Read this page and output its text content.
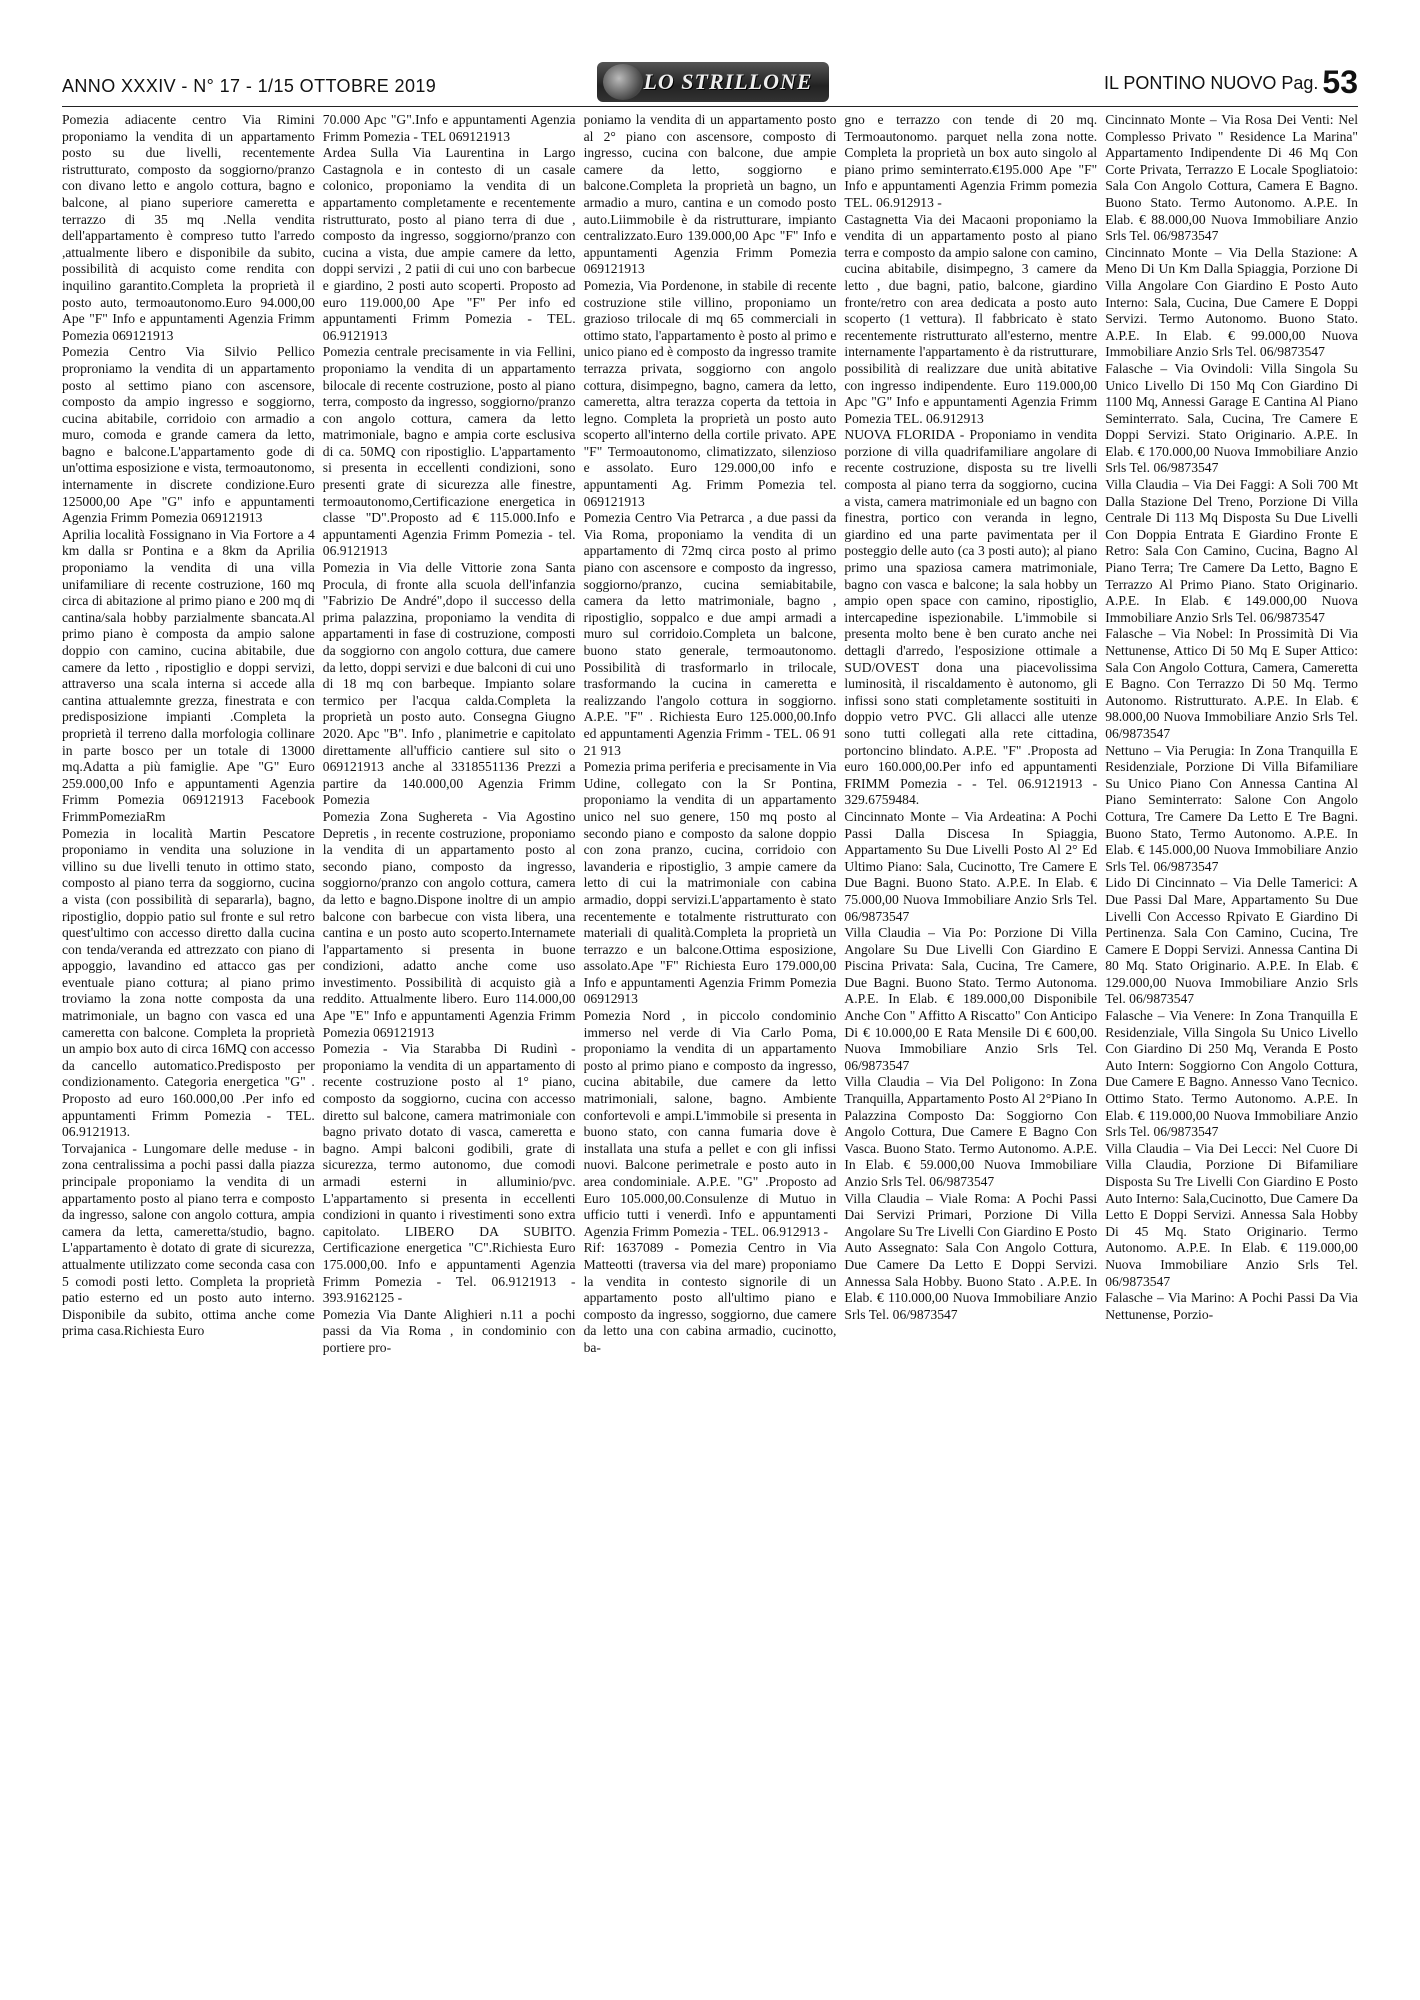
ANNO XXXIV - N° 17 - 1/15 OTTOBRE 2019	LO STRILLONE	IL PONTINO NUOVO Pag. 53

Pomezia adiacente centro Via Rimini proponiamo la vendita di un appartamento posto su due livelli, recentemente ristrutturato, composto da soggiorno/pranzo con divano letto e angolo cottura, bagno e balcone, al piano superiore cameretta e terrazzo di 35 mq .Nella vendita dell'appartamento è compreso tutto l'arredo ,attualmente libero e disponibile da subito, possibilità di acquisto come rendita con inquilino garantito.Completa la proprietà il posto auto, termoautonomo.Euro 94.000,00 Ape "F" Info e appuntamenti Agenzia Frimm Pomezia 069121913

Pomezia Centro Via Silvio Pellico proproniamo la vendita di un appartamento posto al settimo piano con ascensore, composto da ampio ingresso e soggiorno, cucina abitabile, corridoio con armadio a muro, comoda e grande camera da letto, bagno e balcone.L'appartamento gode di un'ottima esposizione e vista, termoautonomo, internamente in discrete condizione.Euro 125000,00 Ape "G" info e appuntamenti Agenzia Frimm Pomezia 069121913

Aprilia località Fossignano in Via Fortore a 4 km dalla sr Pontina e a 8km da Aprilia proponiamo la vendita di una villa unifamiliare di recente costruzione, 160 mq circa di abitazione al primo piano e 200 mq di cantina/sala hobby parzialmente sbancata.Al primo piano è composta da ampio salone doppio con camino, cucina abitabile, due camere da letto , ripostiglio e doppi servizi, attraverso una scala interna si accede alla cantina attualemnte grezza, finestrata e con predisposizione impianti .Completa la proprietà il terreno dalla morfologia collinare in parte bosco per un totale di 13000 mq.Adatta a più famiglie. Ape "G" Euro 259.000,00 Info e appuntamenti Agenzia Frimm Pomezia 069121913 Facebook FrimmPomeziaRm

Pomezia in località Martin Pescatore proponiamo in vendita una soluzione in villino su due livelli tenuto in ottimo stato, composto al piano terra da soggiorno, cucina a vista (con possibilità di separarla), bagno, ripostiglio, doppio patio sul fronte e sul retro quest'ultimo con accesso diretto dalla cucina con tenda/veranda ed attrezzato con piano di appoggio, lavandino ed attacco gas per eventuale piano cottura; al piano primo troviamo la zona notte composta da una matrimoniale, un bagno con vasca ed una cameretta con balcone. Completa la proprietà un ampio box auto di circa 16MQ con accesso da cancello automatico.Predisposto per condizionamento. Categoria energetica "G" . Proposto ad euro 160.000,00 .Per info ed appuntamenti Frimm Pomezia - TEL. 06.9121913.

Torvajanica - Lungomare delle meduse - in zona centralissima a pochi passi dalla piazza principale proponiamo la vendita di un appartamento posto al piano terra e composto da ingresso, salone con angolo cottura, ampia camera da letta, cameretta/studio, bagno. L'appartamento è dotato di grate di sicurezza, attualmente utilizzato come seconda casa con 5 comodi posti letto. Completa la proprietà patio esterno ed un posto auto interno. Disponibile da subito, ottima anche come prima casa.Richiesta Euro

70.000 Apc "G".Info e appuntamenti Agenzia Frimm Pomezia - TEL 069121913

Ardea Sulla Via Laurentina in Largo Castagnola e in contesto di un casale colonico, proponiamo la vendita di un appartamento completamente e recentemente ristrutturato, posto al piano terra di due , composto da ingresso, soggiorno/pranzo con cucina a vista, due ampie camere da letto, doppi servizi , 2 patii di cui uno con barbecue e giardino, 2 posti auto scoperti. Proposto ad euro 119.000,00 Ape "F" Per info ed appuntamenti Frimm Pomezia - TEL. 06.9121913

Pomezia centrale precisamente in via Fellini, proponiamo la vendita di un appartamento bilocale di recente costruzione, posto al piano terra, composto da ingresso, soggiorno/pranzo con angolo cottura, camera da letto matrimoniale, bagno e ampia corte esclusiva di ca. 50MQ con ripostiglio. L'appartamento si presenta in eccellenti condizioni, sono presenti grate di sicurezza alle finestre, termoautonomo,Certificazione energetica in classe "D".Proposto ad € 115.000.Info e appuntamenti Agenzia Frimm Pomezia - tel. 06.9121913

Pomezia in Via delle Vittorie zona Santa Procula, di fronte alla scuola dell'infanzia "Fabrizio De André",dopo il successo della prima palazzina, proponiamo la vendita di appartamenti in fase di costruzione, composti da soggiorno con angolo cottura, due camere da letto, doppi servizi e due balconi di cui uno di 18 mq con barbeque. Impianto solare termico per l'acqua calda.Completa la proprietà un posto auto. Consegna Giugno 2020. Apc "B". Info , planimetrie e capitolato direttamente all'ufficio cantiere sul sito o 069121913 anche al 3318551136 Prezzi a partire da 140.000,00 Agenzia Frimm Pomezia

Pomezia Zona Sughereta - Via Agostino Depretis , in recente costruzione, proponiamo la vendita di un appartamento posto al secondo piano, composto da ingresso, soggiorno/pranzo con angolo cottura, camera da letto e bagno.Dispone inoltre di un ampio balcone con barbecue con vista libera, una cantina e un posto auto scoperto.Internamete l'appartamento si presenta in buone condizioni, adatto anche come uso investimento. Possibilità di acquisto già a reddito. Attualmente libero. Euro 114.000,00 Ape "E" Info e appuntamenti Agenzia Frimm Pomezia 069121913

Pomezia - Via Starabba Di Rudinì - proponiamo la vendita di un appartamento di recente costruzione posto al 1° piano, composto da soggiorno, cucina con accesso diretto sul balcone, camera matrimoniale con bagno privato dotato di vasca, cameretta e bagno. Ampi balconi godibili, grate di sicurezza, termo autonomo, due comodi armadi esterni in alluminio/pvc. L'appartamento si presenta in eccellenti condizioni in quanto i rivestimenti sono extra capitolato. LIBERO DA SUBITO. Certificazione energetica "C".Richiesta Euro 175.000,00. Info e appuntamenti Agenzia Frimm Pomezia - Tel. 06.9121913 - 393.9162125 -

Pomezia Via Dante Alighieri n.11 a pochi passi da Via Roma , in condominio con portiere pro-

poniamo la vendita di un appartamento posto al 2° piano con ascensore, composto di ingresso, cucina con balcone, due ampie camere da letto, soggiorno e balcone.Completa la proprietà un bagno, un armadio a muro, cantina e un comodo posto auto.Liimmobile è da ristrutturare, impianto centralizzato.Euro 139.000,00 Apc "F" Info e appuntamenti Agenzia Frimm Pomezia 069121913

Pomezia, Via Pordenone, in stabile di recente costruzione stile villino, proponiamo un grazioso trilocale di mq 65 commerciali in ottimo stato, l'appartamento è posto al primo e unico piano ed è composto da ingresso tramite terrazza privata, soggiorno con angolo cottura, disimpegno, bagno, camera da letto, cameretta, altra terazza coperta da tettoia in legno. Completa la proprietà un posto auto scoperto all'interno della cortile privato. APE "F" Termoautonomo, climatizzato, silenzioso e assolato. Euro 129.000,00 info e appuntamenti Ag. Frimm Pomezia tel. 069121913

Pomezia Centro Via Petrarca , a due passi da Via Roma, proponiamo la vendita di un appartamento di 72mq circa posto al primo piano con ascensore e composto da ingresso, soggiorno/pranzo, cucina semiabitabile, camera da letto matrimoniale, bagno , ripostiglio, soppalco e due ampi armadi a muro sul corridoio.Completa un balcone, buono stato generale, termoautonomo. Possibilità di trasformarlo in trilocale, trasformando la cucina in cameretta e realizzando l'angolo cottura in soggiorno. A.P.E. "F" . Richiesta Euro 125.000,00.Info ed appuntamenti Agenzia Frimm - TEL. 06 91 21 913

Pomezia prima periferia e precisamente in Via Udine, collegato con la Sr Pontina, proponiamo la vendita di un appartamento unico nel suo genere, 150 mq posto al secondo piano e composto da salone doppio con zona pranzo, cucina, corridoio con lavanderia e ripostiglio, 3 ampie camere da letto di cui la matrimoniale con cabina armadio, doppi servizi.L'appartamento è stato recentemente e totalmente ristrutturato con materiali di qualità.Completa la proprietà un terrazzo e un balcone.Ottima esposizione, assolato.Ape "F" Richiesta Euro 179.000,00 Info e appuntamenti Agenzia Frimm Pomezia 06912913

Pomezia Nord , in piccolo condominio immerso nel verde di Via Carlo Poma, proponiamo la vendita di un appartamento posto al primo piano e composto da ingresso, cucina abitabile, due camere da letto matrimoniali, salone, bagno. Ambiente confortevoli e ampi.L'immobile si presenta in buono stato, con canna fumaria dove è installata una stufa a pellet e con gli infissi nuovi. Balcone perimetrale e posto auto in area condominiale. A.P.E. "G" .Proposto ad Euro 105.000,00.Consulenze di Mutuo in ufficio tutti i venerdì. Info e appuntamenti Agenzia Frimm Pomezia - TEL. 06.912913 -

Rif: 1637089 - Pomezia Centro in Via Matteotti (traversa via del mare) proponiamo la vendita in contesto signorile di un appartamento posto all'ultimo piano e composto da ingresso, soggiorno, due camere da letto una con cabina armadio, cucinotto, ba-

gno e terrazzo con tende di 20 mq. Termoautonomo. parquet nella zona notte. Completa la proprietà un box auto singolo al piano primo seminterrato.€195.000 Ape "F" Info e appuntamenti Agenzia Frimm pomezia TEL. 06.912913 -

Castagnetta Via dei Macaoni proponiamo la vendita di un appartamento posto al piano terra e composto da ampio salone con camino, cucina abitabile, disimpegno, 3 camere da letto , due bagni, patio, balcone, giardino fronte/retro con area dedicata a posto auto scoperto (1 vettura). Il fabbricato è stato recentemente ristrutturato all'esterno, mentre internamente l'appartamento è da ristrutturare, possibilità di realizzare due unità abitative con ingresso indipendente. Euro 119.000,00 Apc "G" Info e appuntamenti Agenzia Frimm Pomezia TEL. 06.912913

NUOVA FLORIDA - Proponiamo in vendita porzione di villa quadrifamiliare angolare di recente costruzione, disposta su tre livelli composta al piano terra da soggiorno, cucina a vista, camera matrimoniale ed un bagno con finestra, portico con veranda in legno, giardino ed una parte pavimentata per il posteggio delle auto (ca 3 posti auto); al piano primo una spaziosa camera matrimoniale, bagno con vasca e balcone; la sala hobby un ampio open space con camino, ripostiglio, intercapedine ispezionabile. L'immobile si presenta molto bene è ben curato anche nei dettagli d'arredo, l'esposizione ottimale a SUD/OVEST dona una piacevolissima luminosità, il riscaldamento è autonomo, gli infissi sono stati completamente sostituiti in doppio vetro PVC. Gli allacci alle utenze sono tutti collegati alla rete cittadina, portoncino blindato. A.P.E. "F" .Proposta ad euro 160.000,00.Per info ed appuntamenti FRIMM Pomezia - - Tel. 06.9121913 - 329.6759484.

Cincinnato Monte – Via Ardeatina: A Pochi Passi Dalla Discesa In Spiaggia, Appartamento Su Due Livelli Posto Al 2° Ed Ultimo Piano: Sala, Cucinotto, Tre Camere E Due Bagni. Buono Stato. A.P.E. In Elab. € 75.000,00 Nuova Immobiliare Anzio Srls Tel. 06/9873547

Villa Claudia – Via Po: Porzione Di Villa Angolare Su Due Livelli Con Giardino E Piscina Privata: Sala, Cucina, Tre Camere, Due Bagni. Buono Stato. Termo Autonoma. A.P.E. In Elab. € 189.000,00 Disponibile Anche Con " Affitto A Riscatto" Con Anticipo Di € 10.000,00 E Rata Mensile Di € 600,00. Nuova Immobiliare Anzio Srls Tel. 06/9873547

Villa Claudia – Via Del Poligono: In Zona Tranquilla, Appartamento Posto Al 2°Piano In Palazzina Composto Da: Soggiorno Con Angolo Cottura, Due Camere E Bagno Con Vasca. Buono Stato. Termo Autonomo. A.P.E. In Elab. € 59.000,00 Nuova Immobiliare Anzio Srls Tel. 06/9873547

Villa Claudia – Viale Roma: A Pochi Passi Dai Servizi Primari, Porzione Di Villa Angolare Su Tre Livelli Con Giardino E Posto Auto Assegnato: Sala Con Angolo Cottura, Due Camere Da Letto E Doppi Servizi. Annessa Sala Hobby. Buono Stato . A.P.E. In Elab. € 110.000,00 Nuova Immobiliare Anzio Srls Tel. 06/9873547

Cincinnato Monte – Via Rosa Dei Venti: Nel Complesso Privato '' Residence La Marina" Appartamento Indipendente Di 46 Mq Con Corte Privata, Terrazzo E Locale Spogliatoio: Sala Con Angolo Cottura, Camera E Bagno. Buono Stato. Termo Autonomo. A.P.E. In Elab. € 88.000,00 Nuova Immobiliare Anzio Srls Tel. 06/9873547

Cincinnato Monte – Via Della Stazione: A Meno Di Un Km Dalla Spiaggia, Porzione Di Villa Angolare Con Giardino E Posto Auto Interno: Sala, Cucina, Due Camere E Doppi Servizi. Termo Autonomo. Buono Stato. A.P.E. In Elab. € 99.000,00 Nuova Immobiliare Anzio Srls Tel. 06/9873547

Falasche – Via Ovindoli: Villa Singola Su Unico Livello Di 150 Mq Con Giardino Di 1100 Mq, Annessi Garage E Cantina Al Piano Seminterrato. Sala, Cucina, Tre Camere E Doppi Servizi. Stato Originario. A.P.E. In Elab. € 170.000,00 Nuova Immobiliare Anzio Srls Tel. 06/9873547

Villa Claudia – Via Dei Faggi: A Soli 700 Mt Dalla Stazione Del Treno, Porzione Di Villa Centrale Di 113 Mq Disposta Su Due Livelli Con Doppia Entrata E Giardino Fronte E Retro: Sala Con Camino, Cucina, Bagno Al Piano Terra; Tre Camere Da Letto, Bagno E Terrazzo Al Primo Piano. Stato Originario. A.P.E. In Elab. € 149.000,00 Nuova Immobiliare Anzio Srls Tel. 06/9873547

Falasche – Via Nobel: In Prossimità Di Via Nettunense, Attico Di 50 Mq E Super Attico: Sala Con Angolo Cottura, Camera, Cameretta E Bagno. Con Terrazzo Di 50 Mq. Termo Autonomo. Ristrutturato. A.P.E. In Elab. € 98.000,00 Nuova Immobiliare Anzio Srls Tel. 06/9873547

Nettuno – Via Perugia: In Zona Tranquilla E Residenziale, Porzione Di Villa Bifamiliare Su Unico Piano Con Annessa Cantina Al Piano Seminterrato: Salone Con Angolo Cottura, Tre Camere Da Letto E Tre Bagni. Buono Stato, Termo Autonomo. A.P.E. In Elab. € 145.000,00 Nuova Immobiliare Anzio Srls Tel. 06/9873547

Lido Di Cincinnato – Via Delle Tamerici: A Due Passi Dal Mare, Appartamento Su Due Livelli Con Accesso Rpivato E Giardino Di Pertinenza. Sala Con Camino, Cucina, Tre Camere E Doppi Servizi. Annessa Cantina Di 80 Mq. Stato Originario. A.P.E. In Elab. € 129.000,00 Nuova Immobiliare Anzio Srls Tel. 06/9873547

Falasche – Via Venere: In Zona Tranquilla E Residenziale, Villa Singola Su Unico Livello Con Giardino Di 250 Mq, Veranda E Posto Auto Intern: Soggiorno Con Angolo Cottura, Due Camere E Bagno. Annesso Vano Tecnico. Ottimo Stato. Termo Autonomo. A.P.E. In Elab. € 119.000,00 Nuova Immobiliare Anzio Srls Tel. 06/9873547

Villa Claudia – Via Dei Lecci: Nel Cuore Di Villa Claudia, Porzione Di Bifamiliare Disposta Su Tre Livelli Con Giardino E Posto Auto Interno: Sala,Cucinotto, Due Camere Da Letto E Doppi Servizi. Annessa Sala Hobby Di 45 Mq. Stato Originario. Termo Autonomo. A.P.E. In Elab. € 119.000,00 Nuova Immobiliare Anzio Srls Tel. 06/9873547

Falasche – Via Marino: A Pochi Passi Da Via Nettunense, Porzio-
